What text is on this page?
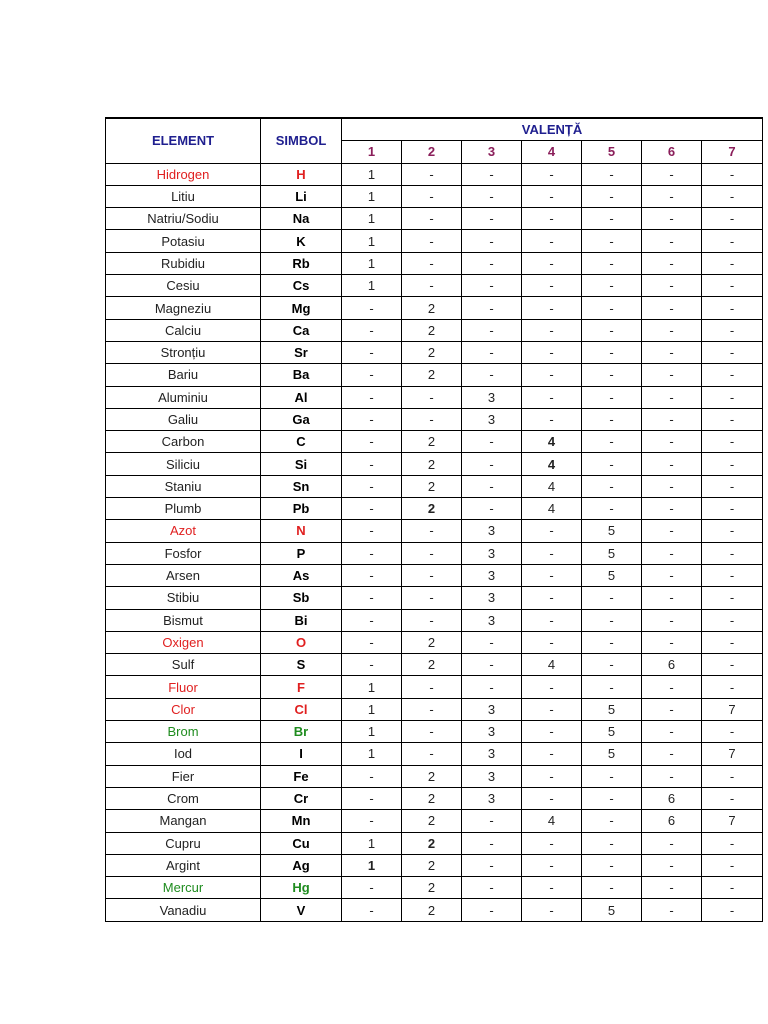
ELEMENT	SIMBOL	VALENȚĂ						
		1	2	3	4	5	6	7
Hidrogen	H	1	-	-	-	-	-	-
Litiu	Li	1	-	-	-	-	-	-
Natriu/Sodiu	Na	1	-	-	-	-	-	-
Potasiu	K	1	-	-	-	-	-	-
Rubidiu	Rb	1	-	-	-	-	-	-
Cesiu	Cs	1	-	-	-	-	-	-
Magneziu	Mg	-	2	-	-	-	-	-
Calciu	Ca	-	2	-	-	-	-	-
Stronțiu	Sr	-	2	-	-	-	-	-
Bariu	Ba	-	2	-	-	-	-	-
Aluminiu	Al	-	-	3	-	-	-	-
Galiu	Ga	-	-	3	-	-	-	-
Carbon	C	-	2	-	4	-	-	-
Siliciu	Si	-	2	-	4	-	-	-
Staniu	Sn	-	2	-	4	-	-	-
Plumb	Pb	-	2	-	4	-	-	-
Azot	N	-	-	3	-	5	-	-
Fosfor	P	-	-	3	-	5	-	-
Arsen	As	-	-	3	-	5	-	-
Stibiu	Sb	-	-	3	-	-	-	-
Bismut	Bi	-	-	3	-	-	-	-
Oxigen	O	-	2	-	-	-	-	-
Sulf	S	-	2	-	4	-	6	-
Fluor	F	1	-	-	-	-	-	-
Clor	Cl	1	-	3	-	5	-	7
Brom	Br	1	-	3	-	5	-	-
Iod	I	1	-	3	-	5	-	7
Fier	Fe	-	2	3	-	-	-	-
Crom	Cr	-	2	3	-	-	6	-
Mangan	Mn	-	2	-	4	-	6	7
Cupru	Cu	1	2	-	-	-	-	-
Argint	Ag	1	2	-	-	-	-	-
Mercur	Hg	-	2	-	-	-	-	-
Vanadiu	V	-	2	-	-	5	-	-
